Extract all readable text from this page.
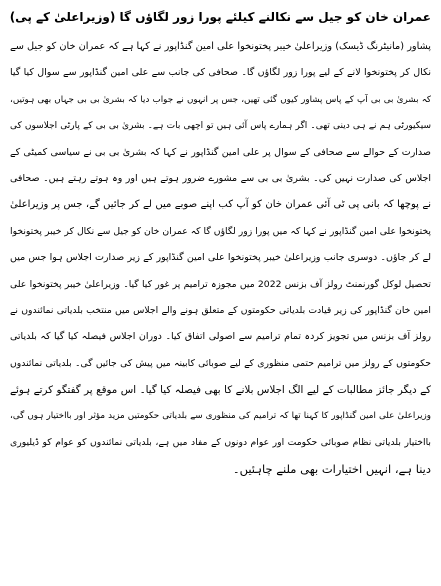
عمران خان کو جیل سے نکالنے کیلئے پورا زور لگاؤں گا (وزیراعلیٰ کے پی)
پشاور (مانیٹرنگ ڈیسک) وزیراعلیٰ خیبر پختونخوا علی امین گنڈاپور نے کہا ہے کہ عمران خان کو جیل سے
نکال کر پختونخوا لانے کے لیے پورا زور لگاؤں گا۔ صحافی کی جانب سے علی امین گنڈاپور سے سوال کیا گیا
کہ بشریٰ بی بی آپ کے پاس پشاور کیوں گئی تھیں، جس پر انہوں نے جواب دیا کہ بشریٰ بی بی جہاں بھی ہوتیں،
سیکیورٹی ہم نے ہی دینی تھی۔ اگر ہمارے پاس آئی ہیں تو اچھی بات ہے۔ بشریٰ بی بی کے پارٹی اجلاسوں کی
صدارت کے حوالے سے صحافی کے سوال پر علی امین گنڈاپور نے کہا کہ بشریٰ بی بی نے سیاسی کمیٹی کے
اجلاس کی صدارت نہیں کی۔ بشریٰ بی بی سے مشورے ضرور ہوتے ہیں اور وہ ہوتے رہتے ہیں۔ صحافی
نے پوچھا کہ بانی پی ٹی آئی عمران خان کو آپ کب اپنے صوبے میں لے کر جائیں گے، جس پر وزیراعلیٰ
پختونخوا علی امین گنڈاپور نے کہا کہ میں پورا زور لگاؤں گا کہ عمران خان کو جیل سے نکال کر خیبر پختونخوا
لے کر جاؤں۔ دوسری جانب وزیراعلیٰ خیبر پختونخوا علی امین گنڈاپور کے زیر صدارت اجلاس ہوا جس میں
تحصیل لوکل گورنمنٹ رولز آف بزنس 2022 میں مجوزہ ترامیم پر غور کیا گیا۔ وزیراعلیٰ خیبر پختونخوا علی
امین خان گنڈاپور کی زیر قیادت بلدیاتی حکومتوں کے متعلق ہونے والے اجلاس میں منتخب بلدیاتی نمائندوں نے
رولز آف بزنس میں تجویز کردہ تمام ترامیم سے اصولی اتفاق کیا۔ دوران اجلاس فیصلہ کیا گیا کہ بلدیاتی
حکومتوں کے رولز میں ترامیم حتمی منظوری کے لیے صوبائی کابینہ میں پیش کی جائیں گی۔ بلدیاتی نمائندوں
کے دیگر جائز مطالبات کے لیے الگ اجلاس بلانے کا بھی فیصلہ کیا گیا۔ اس موقع پر گفتگو کرتے ہوئے
وزیراعلیٰ علی امین گنڈاپور کا کہنا تھا کہ ترامیم کی منظوری سے بلدیاتی حکومتیں مزید مؤثر اور بااختیار ہوں گی،
بااختیار بلدیاتی نظام صوبائی حکومت اور عوام دونوں کے مفاد میں ہے، بلدیاتی نمائندوں کو عوام کو ڈیلیوری
دینا ہے، انہیں اختیارات بھی ملنے چاہئیں۔
